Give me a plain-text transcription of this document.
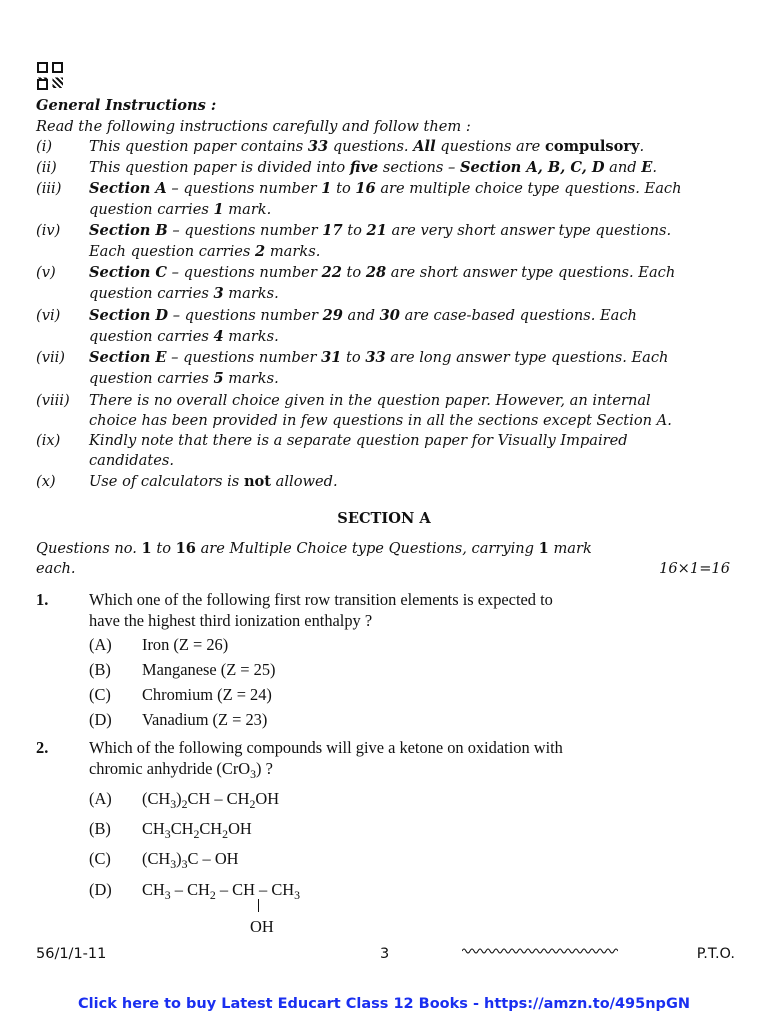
General Instructions :
Read the following instructions carefully and follow them :
(i)	This question paper contains 33 questions. All questions are compulsory.
(ii) This question paper is divided into five sections – Section A, B, C, D and E.
(iii) Section A – questions number 1 to 16 are multiple choice type questions. Each
question carries 1 mark.
(iv) Section B – questions number 17 to 21 are very short answer type questions.
Each question carries 2 marks.
(v) Section C – questions number 22 to 28 are short answer type questions. Each
question carries 3 marks.
(vi) Section D – questions number 29 and 30 are case-based questions. Each
question carries 4 marks.
(vii) Section E – questions number 31 to 33 are long answer type questions. Each
question carries 5 marks.
(viii) There is no overall choice given in the question paper. However, an internal
choice has been provided in few questions in all the sections except Section A.
(ix) Kindly note that there is a separate question paper for Visually Impaired
candidates.
(x) Use of calculators is not allowed.
SECTION A
Questions no. 1 to 16 are Multiple Choice type Questions, carrying 1 mark
each.	16×1=16
1. Which one of the following first row transition elements is expected to
have the highest third ionization enthalpy ?
(A) Iron (Z = 26)
(B) Manganese (Z = 25)
(C) Chromium (Z = 24)
(D) Vanadium (Z = 23)
2. Which of the following compounds will give a ketone on oxidation with
chromic anhydride (CrO$_3$) ?
(A) $(CH_3)_2CH - CH_2OH$
(B) $CH_3CH_2CH_2OH$
(C) $(CH_3)_3C$ – OH
(D) $CH_3 - CH_2$ – CH – $CH_3$
OH
56/1/1-11	3	P.T.O.
Click here to buy Latest Educart Class 12 Books - https://amzn.to/495npGN
